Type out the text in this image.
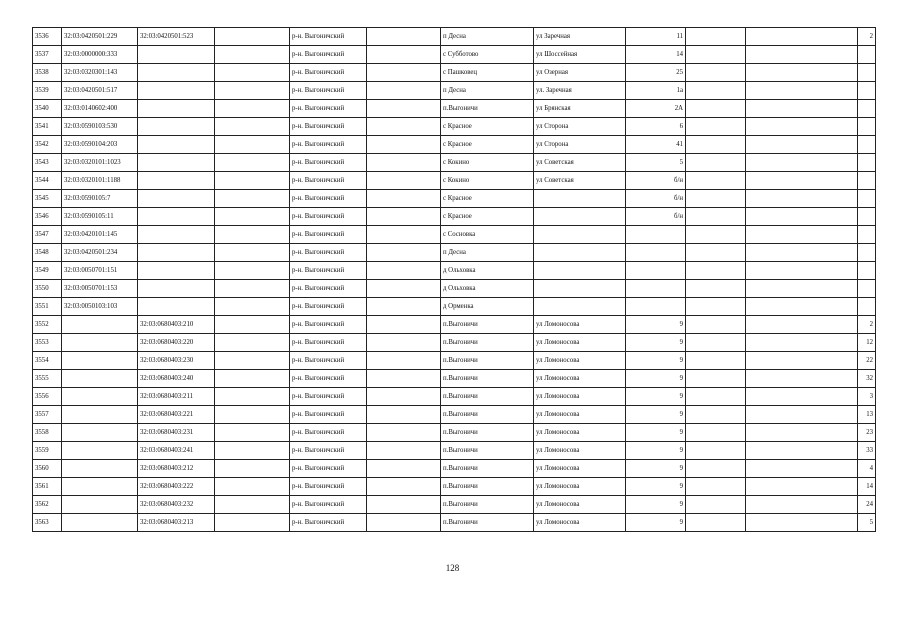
3536	32:03:0420501:229	32:03:0420501:523		р-н. Выгоничский		п Десна	ул Заречная	11			2
3537	32:03:0000000:333			р-н. Выгоничский		с Субботово	ул Шоссейная	14			
3538	32:03:0320301:143			р-н. Выгоничский		с Пашковец	ул Озерная	25			
3539	32:03:0420501:517			р-н. Выгоничский		п Десна	ул. Заречная	1а			
3540	32:03:0140602:400			р-н. Выгоничский		п.Выгоничи	ул Брянская	2А			
3541	32:03:0590103:530			р-н. Выгоничский		с Красное	ул Сторона	6			
3542	32:03:0590104:203			р-н. Выгоничский		с Красное	ул Сторона	41			
3543	32:03:0320101:1023			р-н. Выгоничский		с Кокино	ул Советская	5			
3544	32:03:0320101:1188			р-н. Выгоничский		с Кокино	ул Советская	б/н			
3545	32:03:0590105:7			р-н. Выгоничский		с Красное		б/н			
3546	32:03:0590105:11			р-н. Выгоничский		с Красное		б/н			
3547	32:03:0420101:145			р-н. Выгоничский		с Сосновка					
3548	32:03:0420501:234			р-н. Выгоничский		п Десна					
3549	32:03:0050701:151			р-н. Выгоничский		д Ольховка					
3550	32:03:0050701:153			р-н. Выгоничский		д Ольховка					
3551	32:03:0050103:103			р-н. Выгоничский		д Орменка					
3552		32:03:0680403:210		р-н. Выгоничский		п.Выгоничи	ул Ломоносова	9			2
3553		32:03:0680403:220		р-н. Выгоничский		п.Выгоничи	ул Ломоносова	9			12
3554		32:03:0680403:230		р-н. Выгоничский		п.Выгоничи	ул Ломоносова	9			22
3555		32:03:0680403:240		р-н. Выгоничский		п.Выгоничи	ул Ломоносова	9			32
3556		32:03:0680403:211		р-н. Выгоничский		п.Выгоничи	ул Ломоносова	9			3
3557		32:03:0680403:221		р-н. Выгоничский		п.Выгоничи	ул Ломоносова	9			13
3558		32:03:0680403:231		р-н. Выгоничский		п.Выгоничи	ул Ломоносова	9			23
3559		32:03:0680403:241		р-н. Выгоничский		п.Выгоничи	ул Ломоносова	9			33
3560		32:03:0680403:212		р-н. Выгоничский		п.Выгоничи	ул Ломоносова	9			4
3561		32:03:0680403:222		р-н. Выгоничский		п.Выгоничи	ул Ломоносова	9			14
3562		32:03:0680403:232		р-н. Выгоничский		п.Выгоничи	ул Ломоносова	9			24
3563		32:03:0680403:213		р-н. Выгоничский		п.Выгоничи	ул Ломоносова	9			5
128
